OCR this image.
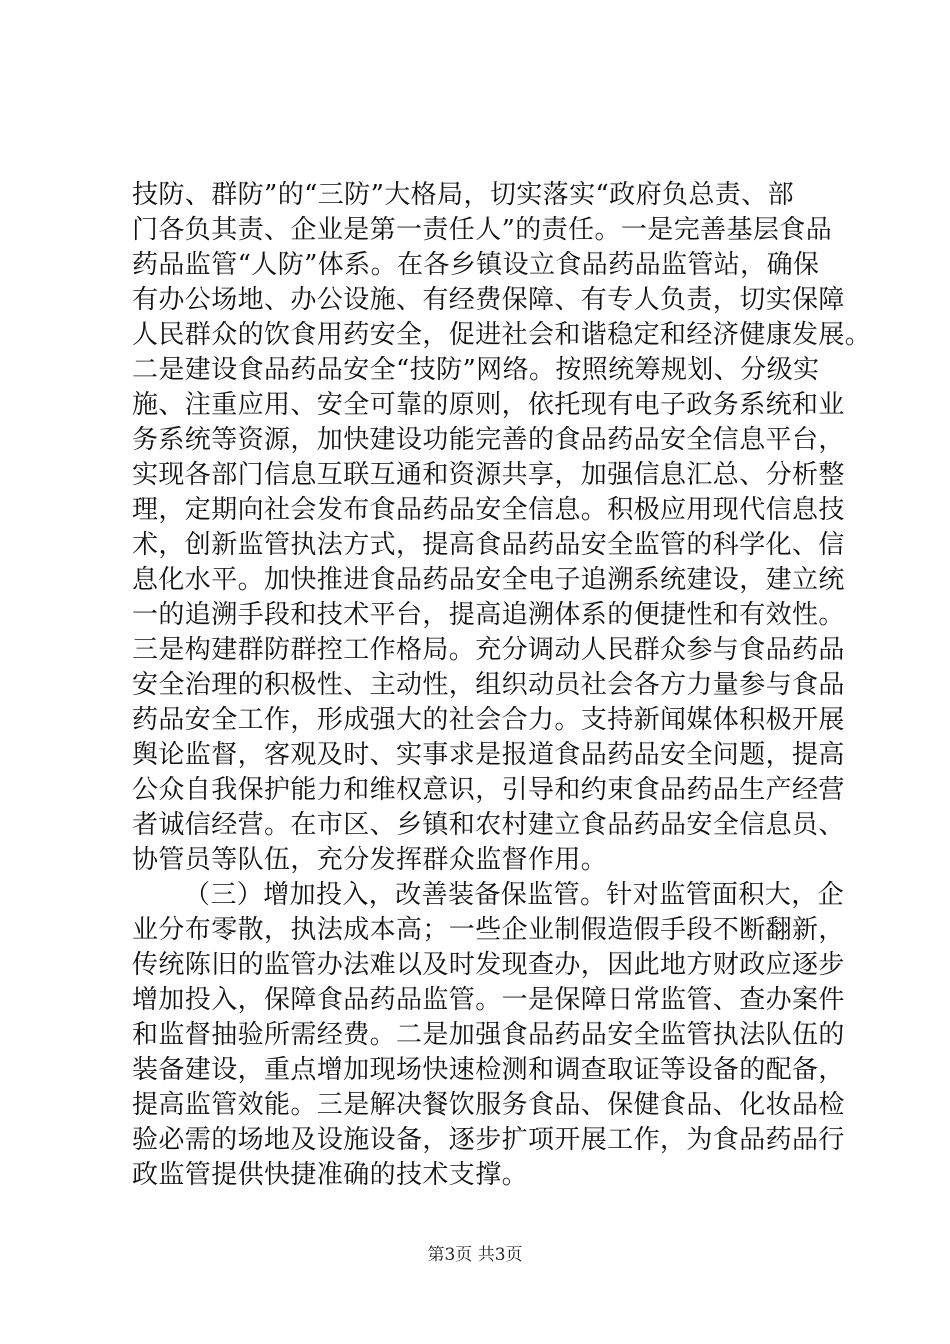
技防、群防”的“三防”大格局，切实落实“政府负总责、部
门各负其责、企业是第一责任人”的责任。一是完善基层食品
药品监管“人防”体系。在各乡镇设立食品药品监管站，确保
有办公场地、办公设施、有经费保障、有专人负责，切实保障
人民群众的饮食用药安全，促进社会和谐稳定和经济健康发展。
二是建设食品药品安全“技防”网络。按照统筹规划、分级实
施、注重应用、安全可靠的原则，依托现有电子政务系统和业
务系统等资源，加快建设功能完善的食品药品安全信息平台，
实现各部门信息互联互通和资源共享，加强信息汇总、分析整
理，定期向社会发布食品药品安全信息。积极应用现代信息技
术，创新监管执法方式，提高食品药品安全监管的科学化、信
息化水平。加快推进食品药品安全电子追溯系统建设，建立统
一的追溯手段和技术平台，提高追溯体系的便捷性和有效性。
三是构建群防群控工作格局。充分调动人民群众参与食品药品
安全治理的积极性、主动性，组织动员社会各方力量参与食品
药品安全工作，形成强大的社会合力。支持新闻媒体积极开展
舆论监督，客观及时、实事求是报道食品药品安全问题，提高
公众自我保护能力和维权意识，引导和约束食品药品生产经营
者诚信经营。在市区、乡镇和农村建立食品药品安全信息员、
协管员等队伍，充分发挥群众监督作用。
（三）增加投入，改善装备保监管。针对监管面积大，企
业分布零散，执法成本高；一些企业制假造假手段不断翻新，
传统陈旧的监管办法难以及时发现查办，因此地方财政应逐步
增加投入，保障食品药品监管。一是保障日常监管、查办案件
和监督抽验所需经费。二是加强食品药品安全监管执法队伍的
装备建设，重点增加现场快速检测和调查取证等设备的配备，
提高监管效能。三是解决餐饮服务食品、保健食品、化妆品检
验必需的场地及设施设备，逐步扩项开展工作，为食品药品行
政监管提供快捷准确的技术支撑。
第3页 共3页
